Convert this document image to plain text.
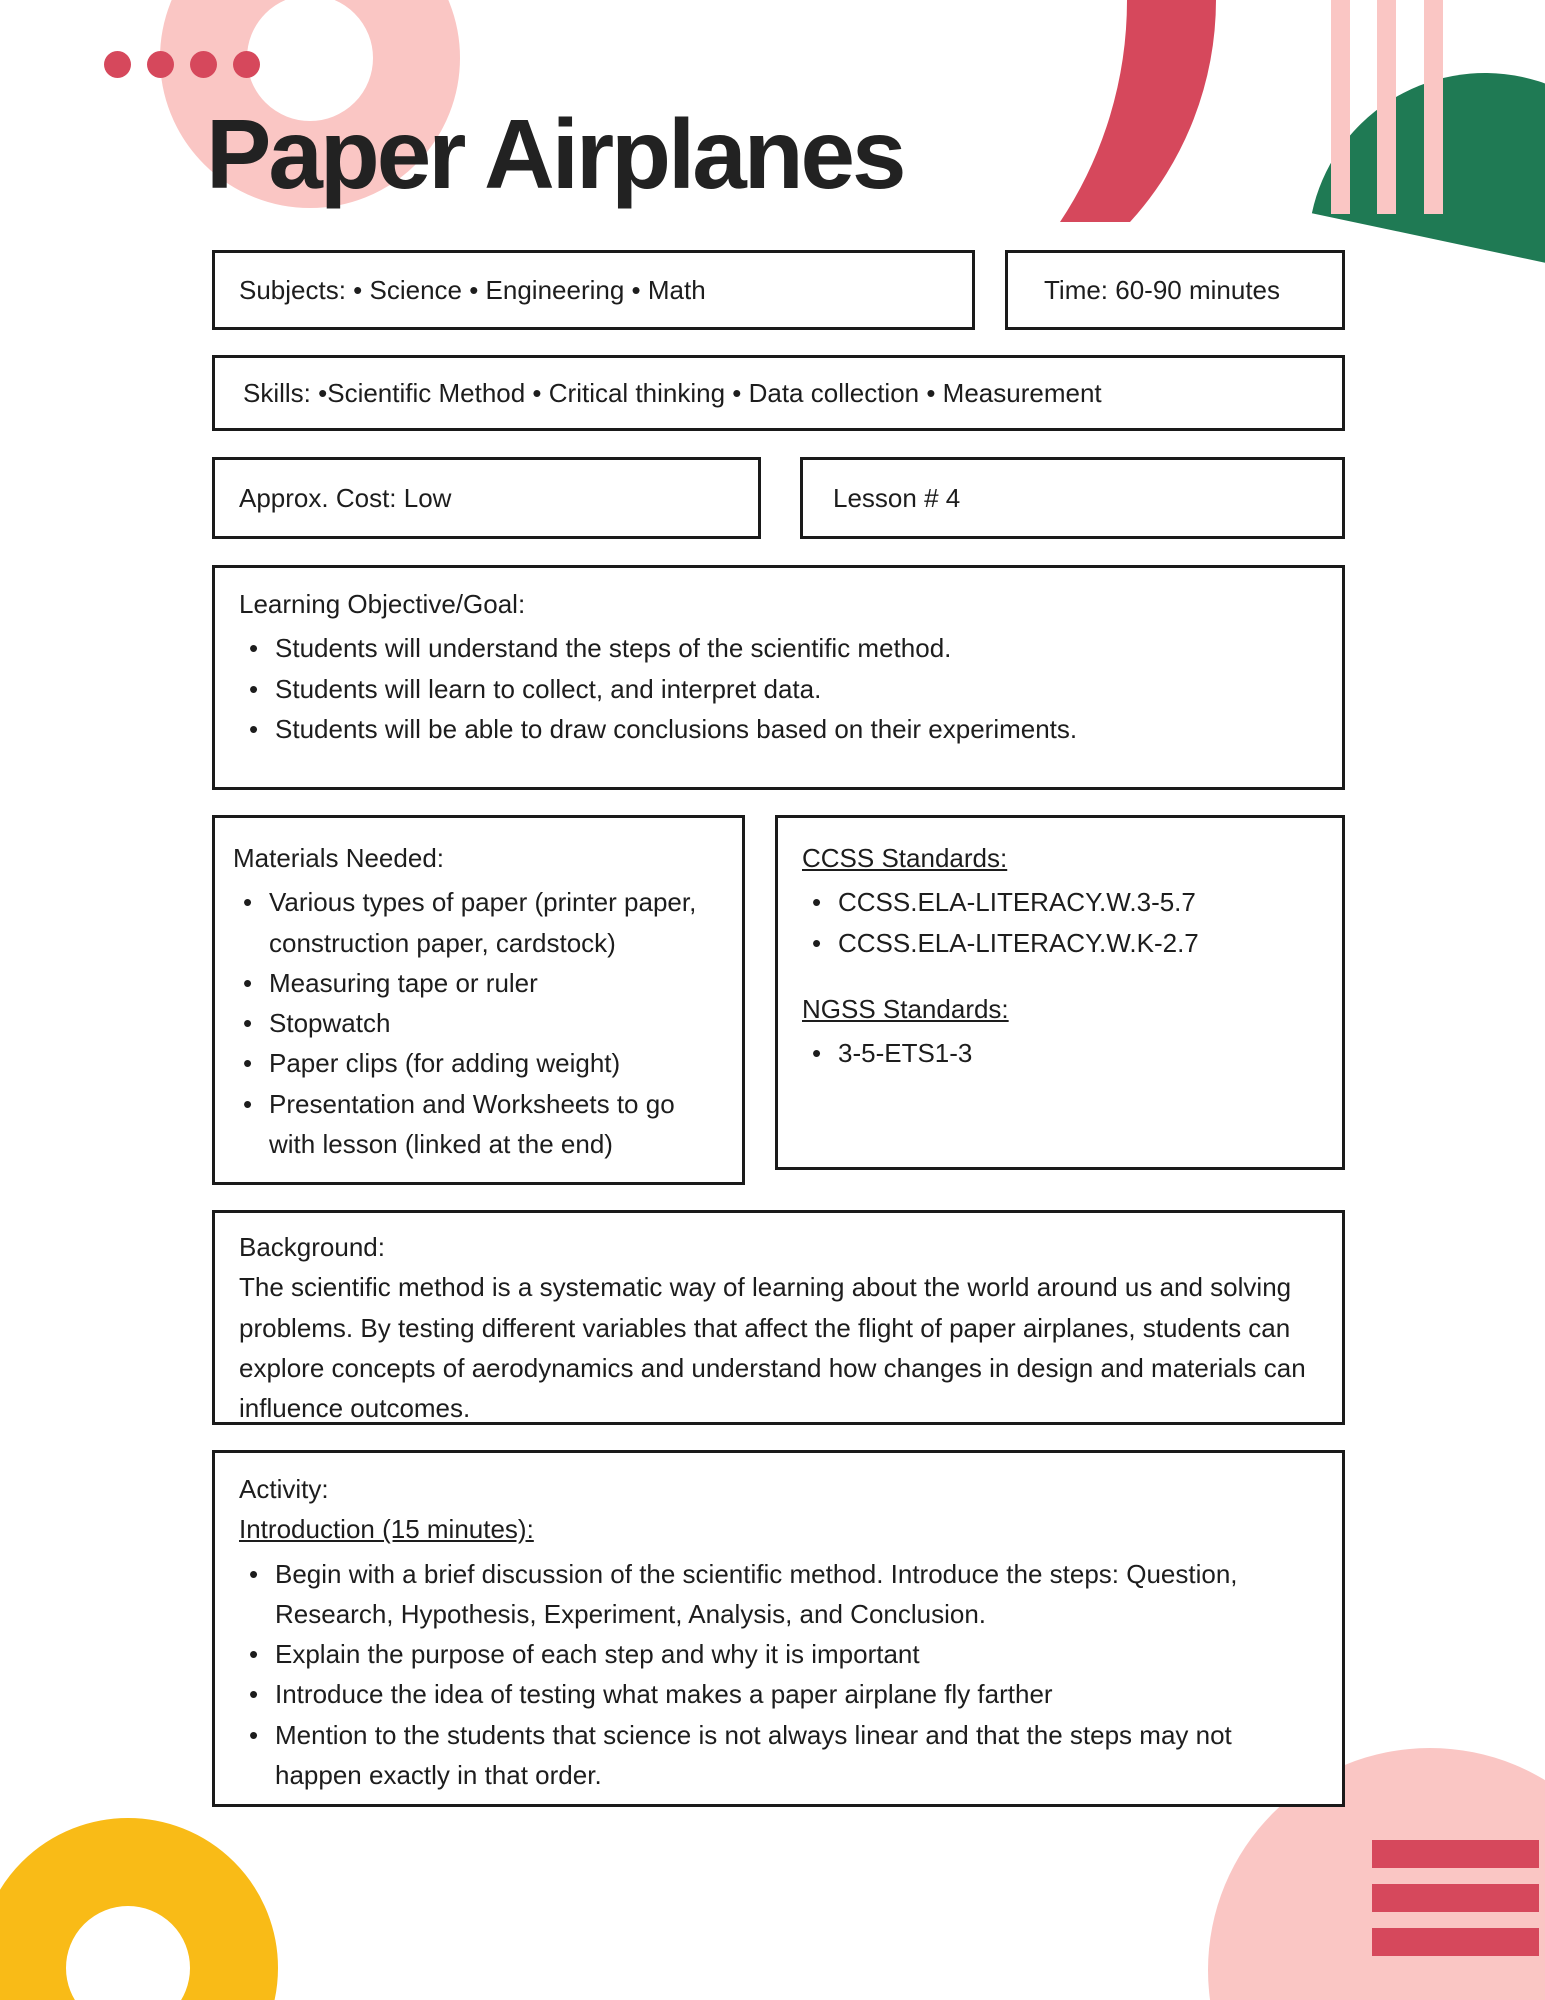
Paper Airplanes
Subjects: • Science • Engineering • Math	Time: 60-90 minutes
Skills: •Scientific Method • Critical thinking • Data collection • Measurement
Approx. Cost: Low	Lesson # 4
Learning Objective/Goal:
• Students will understand the steps of the scientific method.
• Students will learn to collect, and interpret data.
• Students will be able to draw conclusions based on their experiments.
Materials Needed:
• Various types of paper (printer paper, construction paper, cardstock)
• Measuring tape or ruler
• Stopwatch
• Paper clips (for adding weight)
• Presentation and Worksheets to go with lesson (linked at the end)
CCSS Standards:
• CCSS.ELA-LITERACY.W.3-5.7
• CCSS.ELA-LITERACY.W.K-2.7
NGSS Standards:
• 3-5-ETS1-3
Background:
The scientific method is a systematic way of learning about the world around us and solving problems. By testing different variables that affect the flight of paper airplanes, students can explore concepts of aerodynamics and understand how changes in design and materials can influence outcomes.
Activity:
Introduction (15 minutes):
• Begin with a brief discussion of the scientific method. Introduce the steps: Question, Research, Hypothesis, Experiment, Analysis, and Conclusion.
• Explain the purpose of each step and why it is important
• Introduce the idea of testing what makes a paper airplane fly farther
• Mention to the students that science is not always linear and that the steps may not happen exactly in that order.
